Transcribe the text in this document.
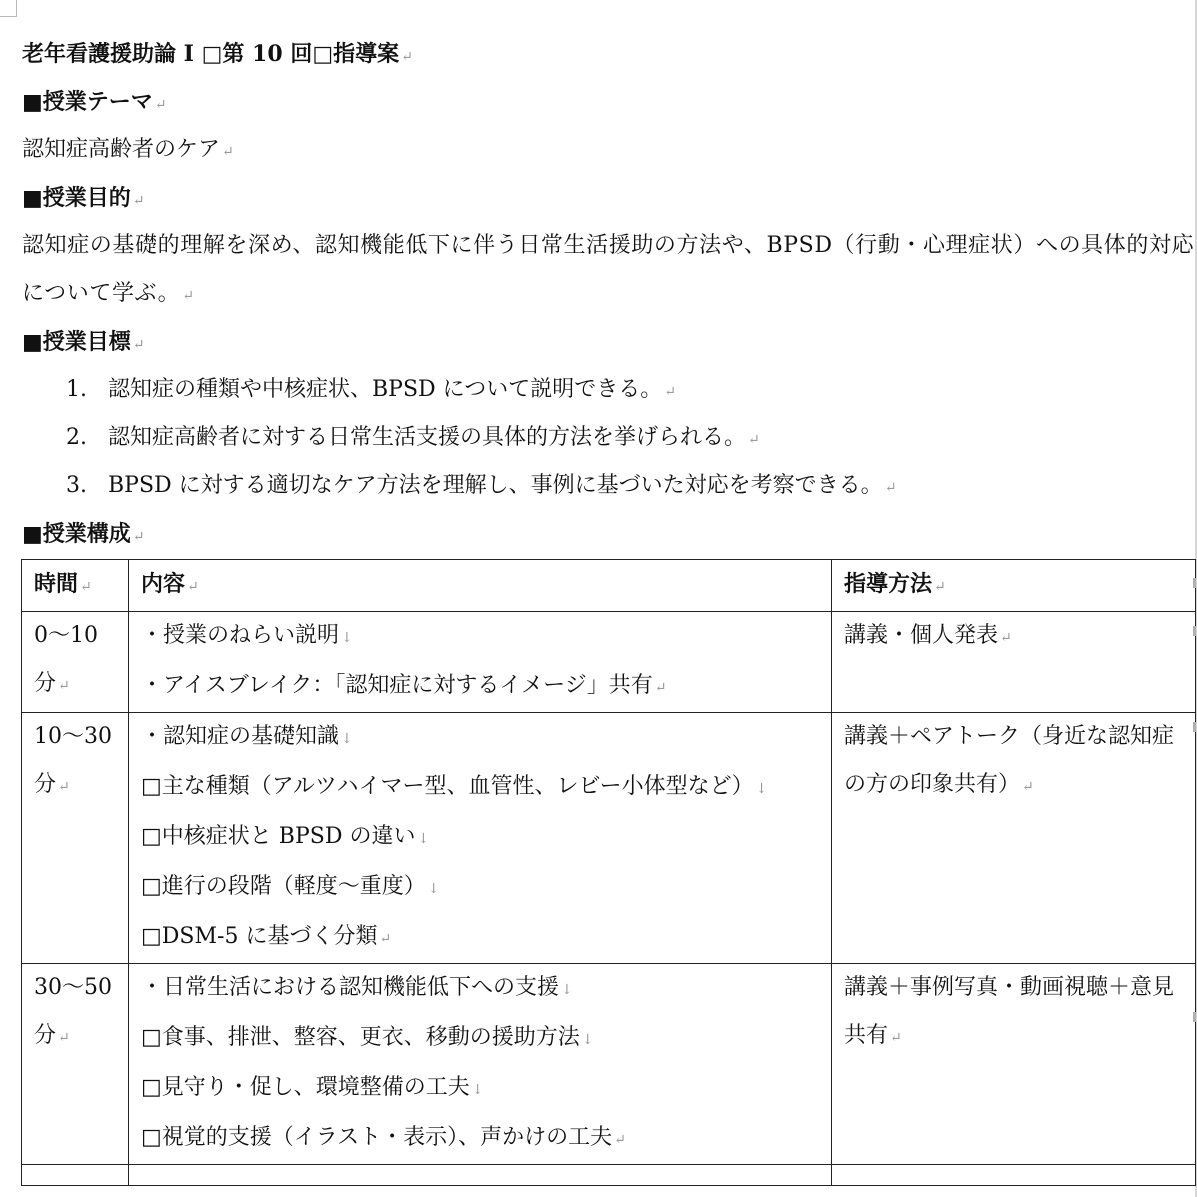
老年看護援助論 I □第 10 回□指導案 ↵
■授業テーマ ↵
認知症高齢者のケア ↵
■授業目的 ↵
認知症の基礎的理解を深め、認知機能低下に伴う日常生活援助の方法や、BPSD（行動・心理症状）への具体的対応について学ぶ。 ↵
■授業目標 ↵
1. 認知症の種類や中核症状、BPSD について説明できる。 ↵
2. 認知症高齢者に対する日常生活支援の具体的方法を挙げられる。 ↵
3. BPSD に対する適切なケア方法を理解し、事例に基づいた対応を考察できる。 ↵
■授業構成 ↵
時間 ↵	内容 ↵	指導方法 ↵

0〜10
分 ↵	・授業のねらい説明 ↓
・アイスブレイク：「認知症に対するイメージ」共有 ↵	講義・個人発表 ↵

10〜30
分 ↵	・認知症の基礎知識 ↓
□主な種類（アルツハイマー型、血管性、レビー小体型など） ↓
□中核症状と BPSD の違い ↓
□進行の段階（軽度〜重度） ↓
□DSM-5 に基づく分類 ↵	講義＋ペアトーク（身近な認知症の方の印象共有） ↵

30〜50
分 ↵	・日常生活における認知機能低下への支援 ↓
□食事、排泄、整容、更衣、移動の援助方法 ↓
□見守り・促し、環境整備の工夫 ↓
□視覚的支援（イラスト・表示）、声かけの工夫 ↵	講義＋事例写真・動画視聴＋意見共有 ↵
